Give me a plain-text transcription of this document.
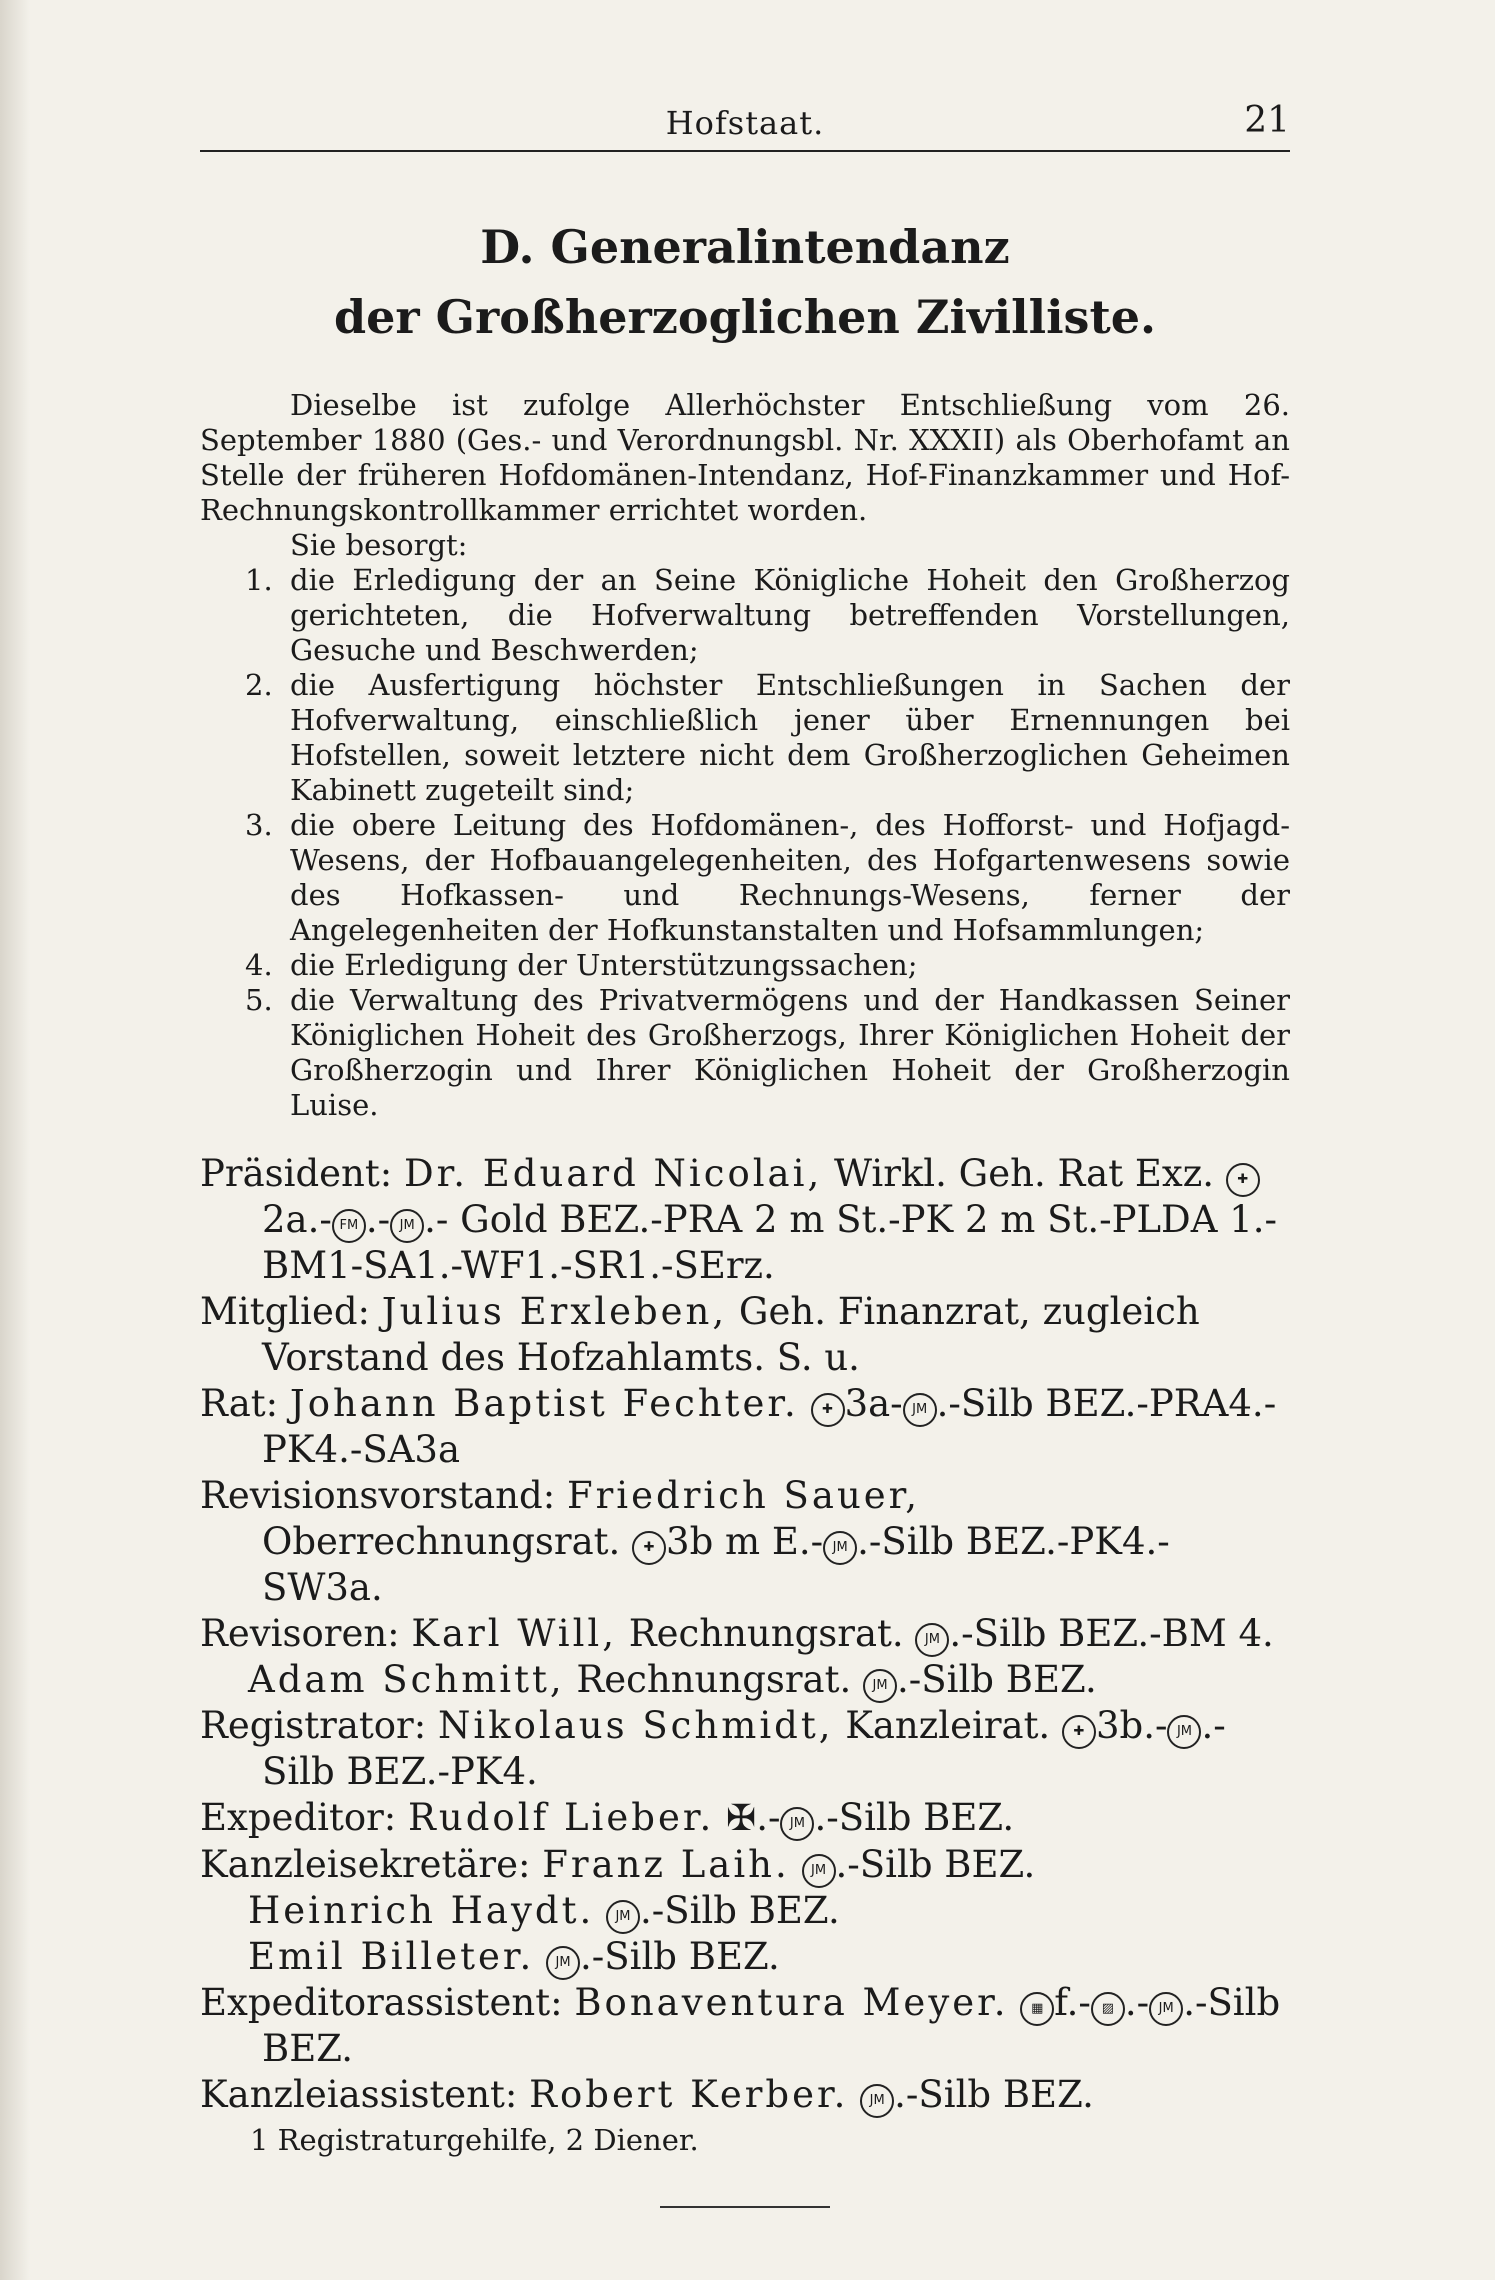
Hofstaat.	21
D. Generalintendanz
der Großherzoglichen Zivilliste.

Dieselbe ist zufolge Allerhöchster Entschließung vom 26. September 1880 (Ges.- und Verordnungsbl. Nr. XXXII) als Oberhofamt an Stelle der früheren Hofdomänen-Intendanz, Hof-Finanzkammer und Hof-Rechnungskontrollkammer errichtet worden.

Sie besorgt:

1. die Erledigung der an Seine Königliche Hoheit den Großherzog gerichteten, die Hofverwaltung betreffenden Vorstellungen, Gesuche und Beschwerden;
2. die Ausfertigung höchster Entschließungen in Sachen der Hofverwaltung, einschließlich jener über Ernennungen bei Hofstellen, soweit letztere nicht dem Großherzoglichen Geheimen Kabinett zugeteilt sind;
3. die obere Leitung des Hofdomänen-, des Hofforst- und Hofjagd-Wesens, der Hofbauangelegenheiten, des Hofgartenwesens sowie des Hofkassen- und Rechnungs-Wesens, ferner der Angelegenheiten der Hofkunstanstalten und Hofsammlungen;
4. die Erledigung der Unterstützungssachen;
5. die Verwaltung des Privatvermögens und der Handkassen Seiner Königlichen Hoheit des Großherzogs, Ihrer Königlichen Hoheit der Großherzogin und Ihrer Königlichen Hoheit der Großherzogin Luise.
Präsident: Dr. Eduard Nicolai, Wirkl. Geh. Rat Exz. ✚2a.- FM .- JM .- Gold BEZ.-PRA 2 m St.-PK 2 m St.-PLDA 1.-BM1-SA1.-WF1.-SR1.-SErz.
Mitglied: Julius Erxleben, Geh. Finanzrat, zugleich Vorstand des Hofzahlamts. S. u.
Rat: Johann Baptist Fechter. ✚ 3a- JM .-Silb BEZ.-PRA4.-PK4.-SA3a
Revisionsvorstand: Friedrich Sauer, Oberrechnungsrat. ✚ 3b m E.- JM .-Silb BEZ.-PK4.-SW3a.
Revisoren: Karl Will, Rechnungsrat. JM .-Silb BEZ.-BM 4.
Adam Schmitt, Rechnungsrat. JM .-Silb BEZ.
Registrator: Nikolaus Schmidt, Kanzleirat. ✚ 3b.- JM .-Silb BEZ.-PK4.
Expeditor: Rudolf Lieber. ✠.- JM .-Silb BEZ.
Kanzleisekretäre: Franz Laih. JM .-Silb BEZ.
Heinrich Haydt. JM .-Silb BEZ.
Emil Billeter. JM .-Silb BEZ.
Expeditorassistent: Bonaventura Meyer. ▦ f.- ▨ .- JM .-Silb BEZ.
Kanzleiassistent: Robert Kerber. JM .-Silb BEZ.
1 Registraturgehilfe, 2 Diener.
